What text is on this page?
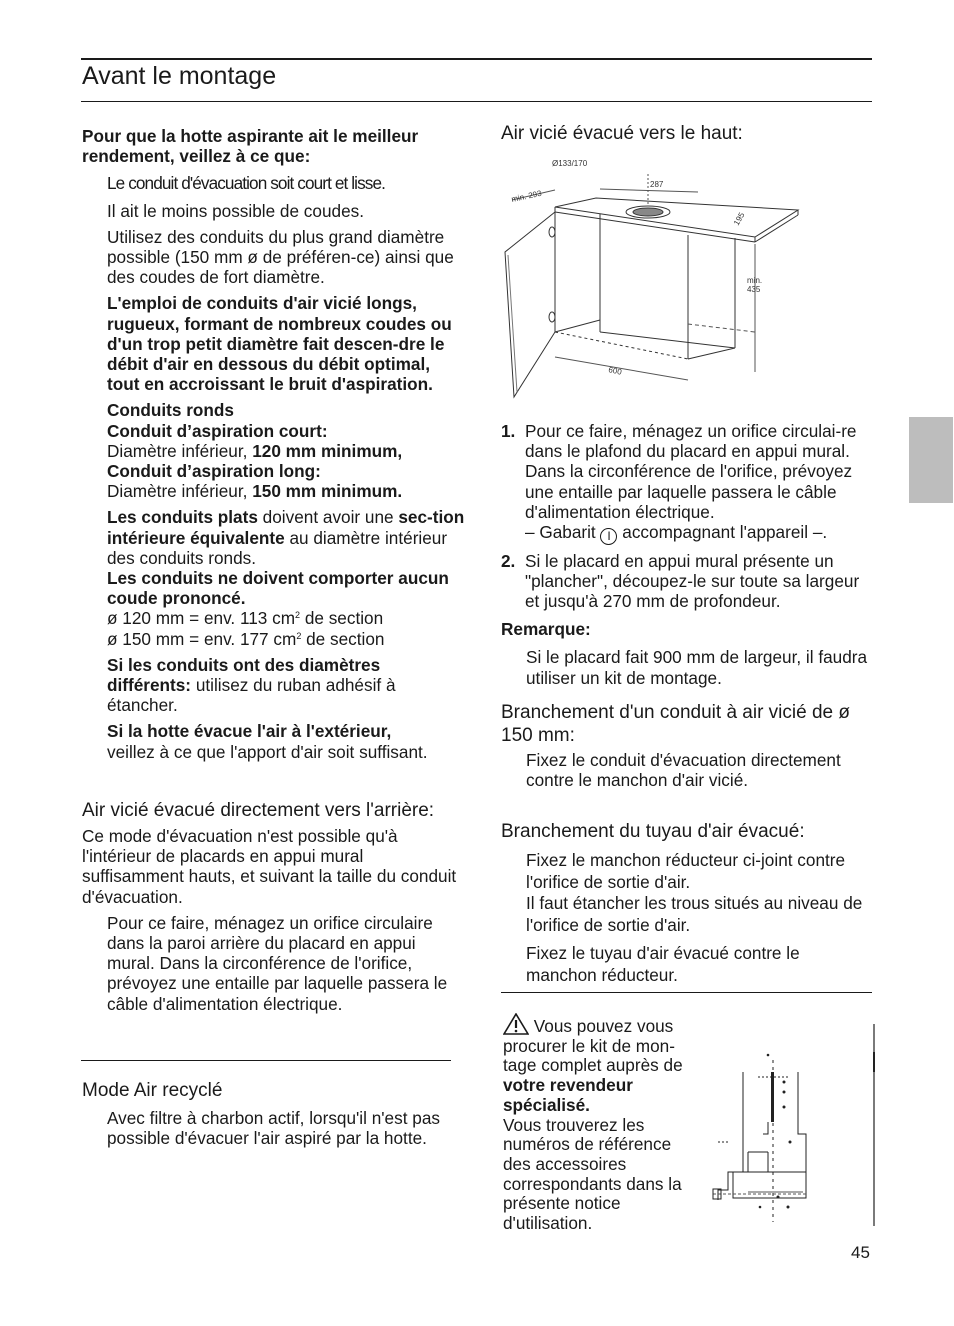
Avant le montage

Pour que la hotte aspirante ait le meilleur rendement, veillez à ce que:

Le conduit d'évacuation soit court et lisse.

Il ait le moins possible de coudes.

Utilisez des conduits du plus grand diamètre possible (150 mm ø de préféren-ce) ainsi que des coudes de fort diamètre.

L'emploi de conduits d'air vicié longs, rugueux, formant de nombreux coudes ou d'un trop petit diamètre fait descen-dre le débit d'air en dessous du débit optimal, tout en accroissant le bruit d'aspiration.

Conduits ronds

Conduit d’aspiration court:

Diamètre inférieur, 120 mm minimum,

Conduit d’aspiration long:

Diamètre inférieur, 150 mm minimum.

Les conduits plats doivent avoir une sec-tion intérieure équivalente au diamètre intérieur des conduits ronds.

Les conduits ne doivent comporter aucun coude prononcé.

ø 120 mm = env. 113 $cm^2$ de section

ø 150 mm = env. 177 $cm^2$ de section

Si les conduits ont des diamètres différents: utilisez du ruban adhésif à étancher.

Si la hotte évacue l'air à l'extérieur,

veillez à ce que l'apport d'air soit suffisant.

Air vicié évacué directement vers l'arrière:

Ce mode d'évacuation n'est possible qu'à l'intérieur de placards en appui mural suffisamment hauts, et suivant la taille du conduit d'évacuation.

Pour ce faire, ménagez un orifice circulaire dans la paroi arrière du placard en appui mural. Dans la circonférence de l'orifice, prévoyez une entaille par laquelle passera le câble d'alimentation électrique.

Mode Air recyclé

Avec filtre à charbon actif, lorsqu'il n'est pas possible d'évacuer l'air aspiré par la hotte.

Air vicié évacué vers le haut:

Ø133/170
min. 293
287
195
min.
435
600
1. Pour ce faire, ménagez un orifice circulai-re dans le plafond du placard en appui mural. Dans la circonférence de l'orifice, prévoyez une entaille par laquelle passera le câble d'alimentation électrique.

– Gabarit I accompagnant l'appareil –.

2. Si le placard en appui mural présente un "plancher", découpez-le sur toute sa largeur et jusqu'à 270 mm de profondeur.

Remarque:

Si le placard fait 900 mm de largeur, il faudra utiliser un kit de montage.

Branchement d'un conduit à air vicié de ø 150 mm:

Fixez le conduit d'évacuation directement contre le manchon d'air vicié.

Branchement du tuyau d'air évacué:

Fixez le manchon réducteur ci-joint contre l'orifice de sortie d'air.

Il faut étancher les trous situés au niveau de l'orifice de sortie d'air.

Fixez le tuyau d'air évacué contre le manchon réducteur.

Vous pouvez vous procurer le kit de mon-tage complet auprès de votre revendeur spécialisé.

Vous trouverez les numéros de référence des accessoires correspondants dans la présente notice d'utilisation.

45
